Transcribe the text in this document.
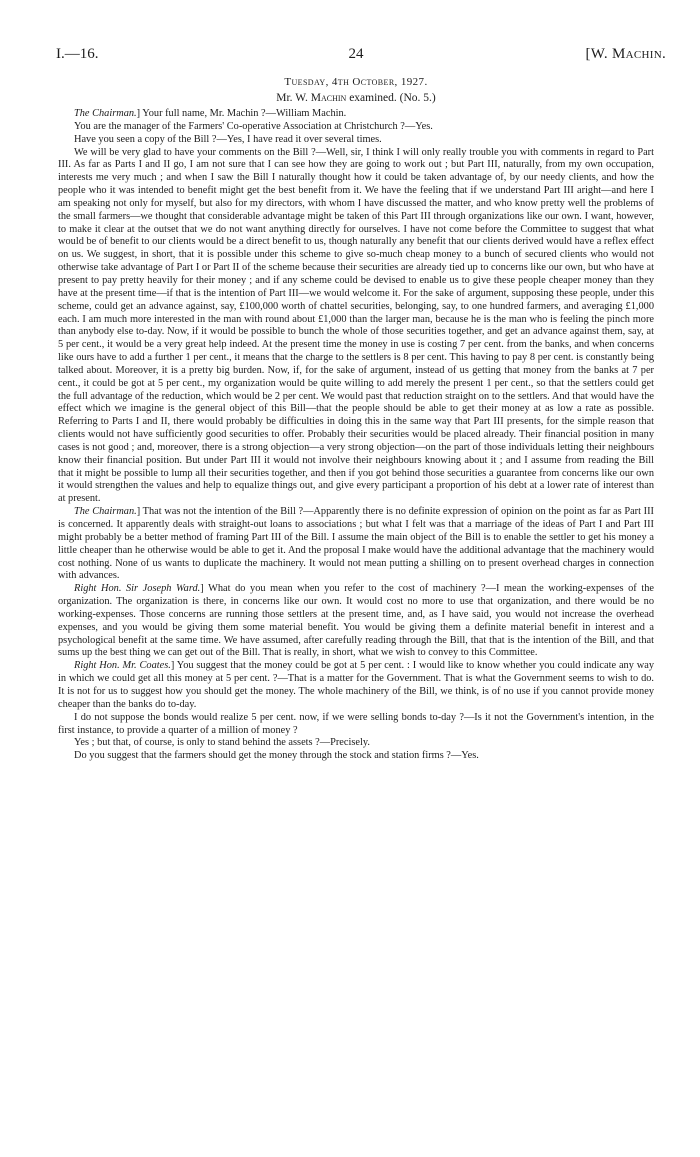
I.—16.	24	[W. Machin.
Tuesday, 4th October, 1927.
Mr. W. Machin examined. (No. 5.)

The Chairman.] Your full name, Mr. Machin ?—William Machin.

You are the manager of the Farmers' Co-operative Association at Christchurch ?—Yes.

Have you seen a copy of the Bill ?—Yes, I have read it over several times.

We will be very glad to have your comments on the Bill ?—Well, sir, I think I will only really trouble you with comments in regard to Part III. As far as Parts I and II go, I am not sure that I can see how they are going to work out ; but Part III, naturally, from my own occupation, interests me very much ; and when I saw the Bill I naturally thought how it could be taken advantage of, by our needy clients, and how the people who it was intended to benefit might get the best benefit from it. We have the feeling that if we understand Part III aright—and here I am speaking not only for myself, but also for my directors, with whom I have discussed the matter, and who know pretty well the problems of the small farmers—we thought that considerable advantage might be taken of this Part III through organizations like our own. I want, however, to make it clear at the outset that we do not want anything directly for ourselves. I have not come before the Committee to suggest that what would be of benefit to our clients would be a direct benefit to us, though naturally any benefit that our clients derived would have a reflex effect on us. We suggest, in short, that it is possible under this scheme to give so-much cheap money to a bunch of secured clients who would not otherwise take advantage of Part I or Part II of the scheme because their securities are already tied up to concerns like our own, but who have at present to pay pretty heavily for their money ; and if any scheme could be devised to enable us to give these people cheaper money than they have at the present time—if that is the intention of Part III—we would welcome it. For the sake of argument, supposing these people, under this scheme, could get an advance against, say, £100,000 worth of chattel securities, belonging, say, to one hundred farmers, and averaging £1,000 each. I am much more interested in the man with round about £1,000 than the larger man, because he is the man who is feeling the pinch more than anybody else to-day. Now, if it would be possible to bunch the whole of those securities together, and get an advance against them, say, at 5 per cent., it would be a very great help indeed. At the present time the money in use is costing 7 per cent. from the banks, and when concerns like ours have to add a further 1 per cent., it means that the charge to the settlers is 8 per cent. This having to pay 8 per cent. is constantly being talked about. Moreover, it is a pretty big burden. Now, if, for the sake of argument, instead of us getting that money from the banks at 7 per cent., it could be got at 5 per cent., my organization would be quite willing to add merely the present 1 per cent., so that the settlers could get the full advantage of the reduction, which would be 2 per cent. We would past that reduction straight on to the settlers. And that would have the effect which we imagine is the general object of this Bill—that the people should be able to get their money at as low a rate as possible. Referring to Parts I and II, there would probably be difficulties in doing this in the same way that Part III presents, for the simple reason that clients would not have sufficiently good securities to offer. Probably their securities would be placed already. Their financial position in many cases is not good ; and, moreover, there is a strong objection—a very strong objection—on the part of those individuals letting their neighbours know their financial position. But under Part III it would not involve their neighbours knowing about it ; and I assume from reading the Bill that it might be possible to lump all their securities together, and then if you got behind those securities a guarantee from concerns like our own it would strengthen the values and help to equalize things out, and give every participant a proportion of his debt at a lower rate of interest than at present.

The Chairman.] That was not the intention of the Bill ?—Apparently there is no definite expression of opinion on the point as far as Part III is concerned. It apparently deals with straight-out loans to associations ; but what I felt was that a marriage of the ideas of Part I and Part III might probably be a better method of framing Part III of the Bill. I assume the main object of the Bill is to enable the settler to get his money a little cheaper than he otherwise would be able to get it. And the proposal I make would have the additional advantage that the machinery would cost nothing. None of us wants to duplicate the machinery. It would not mean putting a shilling on to present overhead charges in connection with advances.

Right Hon. Sir Joseph Ward.] What do you mean when you refer to the cost of machinery ?—I mean the working-expenses of the organization. The organization is there, in concerns like our own. It would cost no more to use that organization, and there would be no working-expenses. Those concerns are running those settlers at the present time, and, as I have said, you would not increase the overhead expenses, and you would be giving them some material benefit. You would be giving them a definite material benefit in interest and a psychological benefit at the same time. We have assumed, after carefully reading through the Bill, that that is the intention of the Bill, and that sums up the best thing we can get out of the Bill. That is really, in short, what we wish to convey to this Committee.

Right Hon. Mr. Coates.] You suggest that the money could be got at 5 per cent. : I would like to know whether you could indicate any way in which we could get all this money at 5 per cent. ?—That is a matter for the Government. That is what the Government seems to wish to do. It is not for us to suggest how you should get the money. The whole machinery of the Bill, we think, is of no use if you cannot provide money cheaper than the banks do to-day.

I do not suppose the bonds would realize 5 per cent. now, if we were selling bonds to-day ?—Is it not the Government's intention, in the first instance, to provide a quarter of a million of money ?

Yes ; but that, of course, is only to stand behind the assets ?—Precisely.

Do you suggest that the farmers should get the money through the stock and station firms ?—Yes.
